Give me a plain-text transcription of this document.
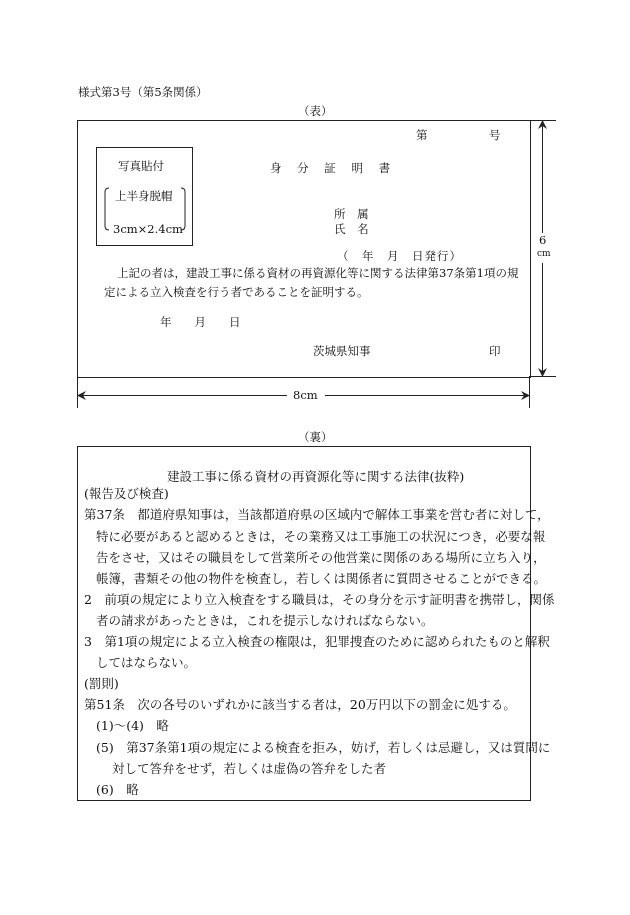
様式第3号（第5条関係）
（表）
第	号
写真貼付
上半身脱帽
3cm×2.4cm
身 分 証 明 書
所 属
氏 名
（　年　月　日発行）
上記の者は，建設工事に係る資材の再資源化等に関する法律第37条第1項の規
定による立入検査を行う者であることを証明する。
年　　月　　日
茨城県知事	印
6
cm
8cm
（裏）
建設工事に係る資材の再資源化等に関する法律(抜粋)
(報告及び検査)
第37条　都道府県知事は，当該都道府県の区域内で解体工事業を営む者に対して，
特に必要があると認めるときは，その業務又は工事施工の状況につき，必要な報
告をさせ，又はその職員をして営業所その他営業に関係のある場所に立ち入り，
帳簿，書類その他の物件を検査し，若しくは関係者に質問させることができる。
2　前項の規定により立入検査をする職員は，その身分を示す証明書を携帯し，関係
者の請求があったときは，これを提示しなければならない。
3　第1項の規定による立入検査の権限は，犯罪捜査のために認められたものと解釈
してはならない。
(罰則)
第51条　次の各号のいずれかに該当する者は，20万円以下の罰金に処する。
(1)～(4)　略
(5)　第37条第1項の規定による検査を拒み，妨げ，若しくは忌避し，又は質問に
対して答弁をせず，若しくは虚偽の答弁をした者
(6)　略
